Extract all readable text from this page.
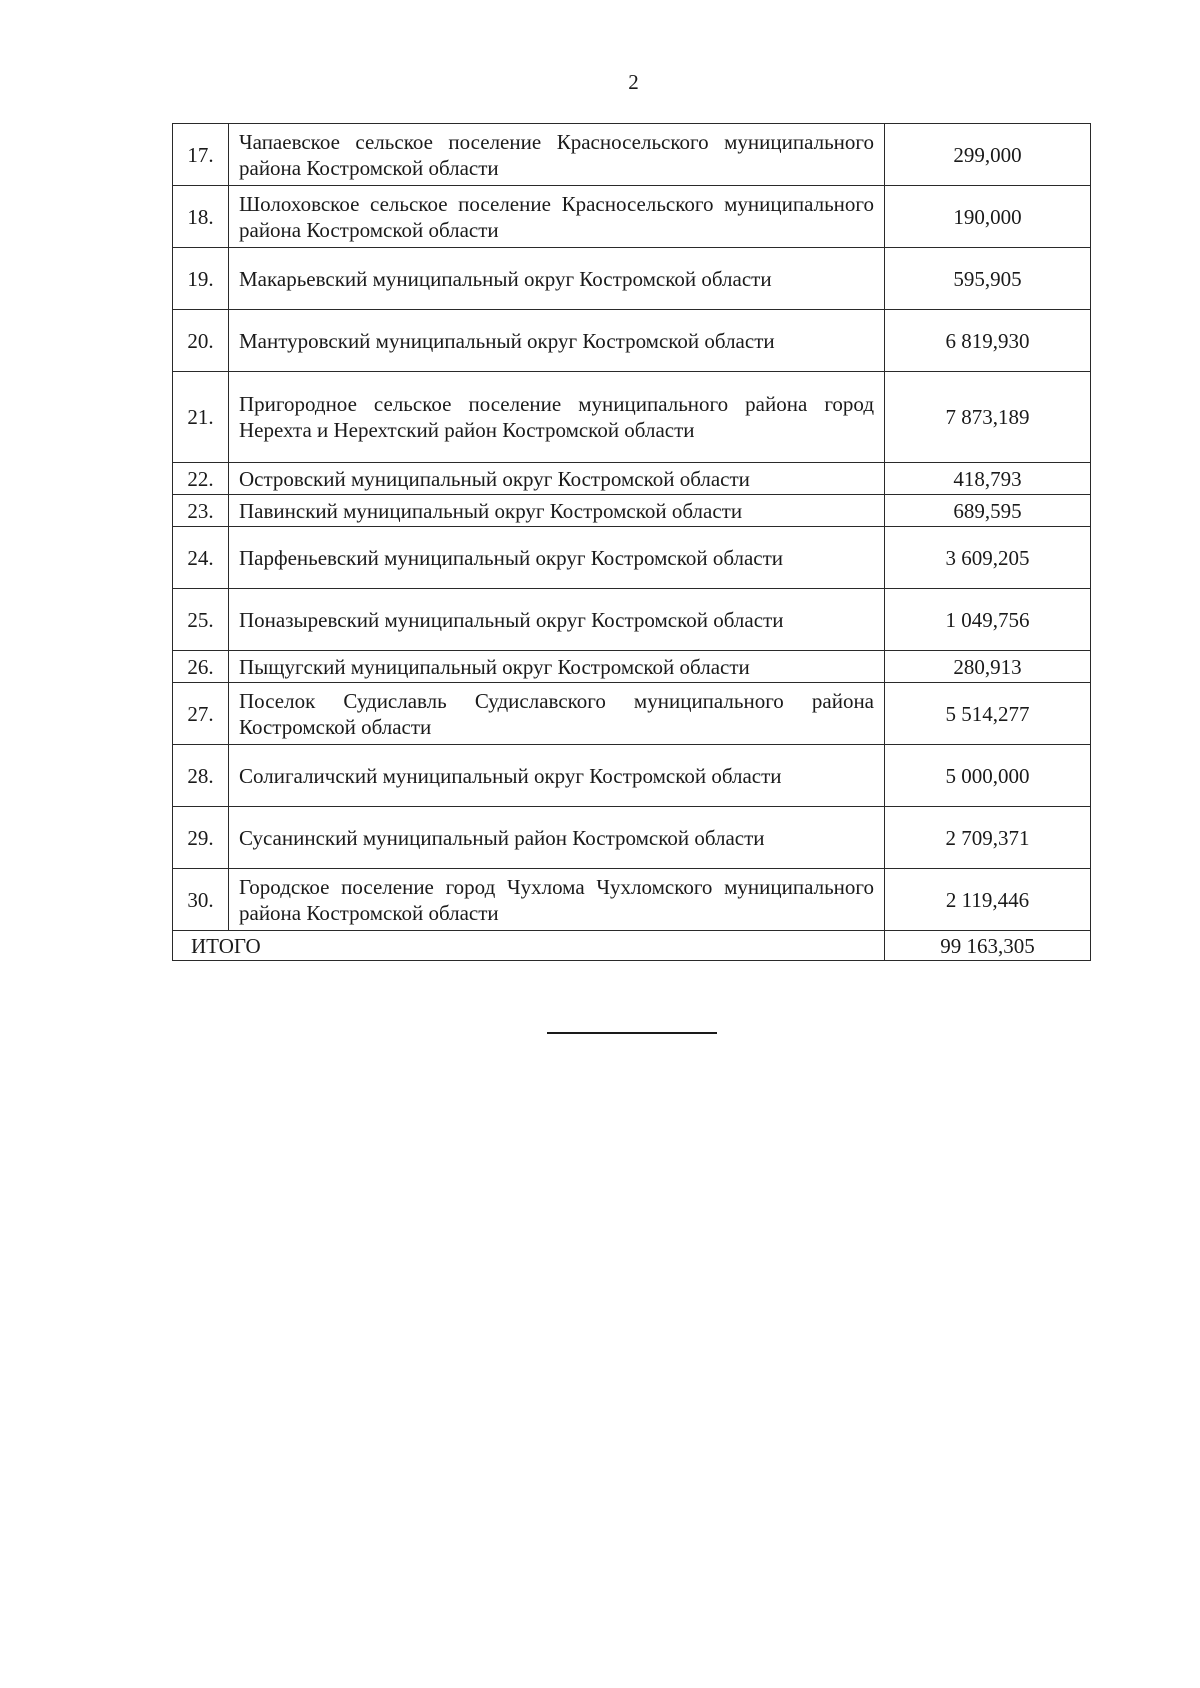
2
17.	Чапаевское сельское поселение Красносельского муниципального района Костромской области	299,000
18.	Шолоховское сельское поселение Красносельского муниципального района Костромской области	190,000
19.	Макарьевский муниципальный округ Костромской области	595,905
20.	Мантуровский муниципальный округ Костромской области	6 819,930
21.	Пригородное сельское поселение муниципального района город Нерехта и Нерехтский район Костромской области	7 873,189
22.	Островский муниципальный округ Костромской области	418,793
23.	Павинский муниципальный округ Костромской области	689,595
24.	Парфеньевский муниципальный округ Костромской области	3 609,205
25.	Поназыревский муниципальный округ Костромской области	1 049,756
26.	Пыщугский муниципальный округ Костромской области	280,913
27.	Поселок Судиславль Судиславского муниципального района Костромской области	5 514,277
28.	Солигаличский муниципальный округ Костромской области	5 000,000
29.	Сусанинский муниципальный район Костромской области	2 709,371
30.	Городское поселение город Чухлома Чухломского муниципального района Костромской области	2 119,446
ИТОГО		99 163,305
